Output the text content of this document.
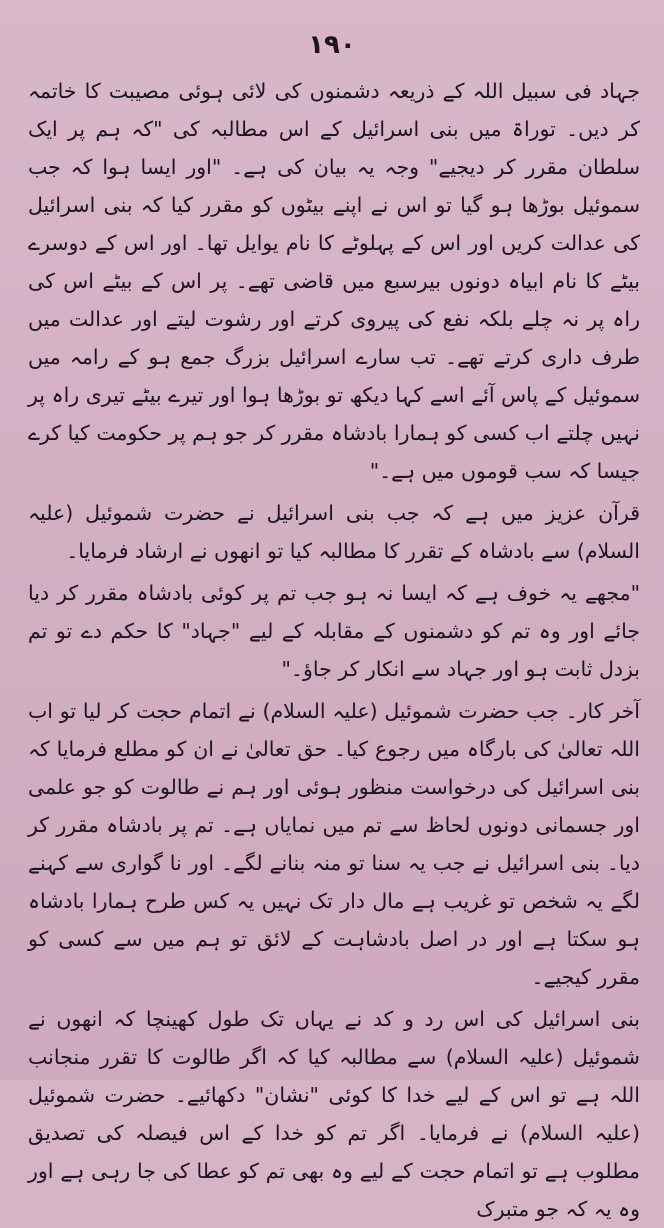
۱۹۰

جہاد فی سبیل اللہ کے ذریعہ دشمنوں کی لائی ہوئی مصیبت کا خاتمہ کر دیں۔ توراۃ میں بنی اسرائیل کے اس مطالبہ کی "کہ ہم پر ایک سلطان مقرر کر دیجیے" وجہ یہ بیان کی ہے۔ "اور ایسا ہوا کہ جب سموئیل بوڑھا ہو گیا تو اس نے اپنے بیٹوں کو مقرر کیا کہ بنی اسرائیل کی عدالت کریں اور اس کے پہلوٹے کا نام یوایل تھا۔ اور اس کے دوسرے بیٹے کا نام ابیاہ دونوں بیرسبع میں قاضی تھے۔ پر اس کے بیٹے اس کی راہ پر نہ چلے بلکہ نفع کی پیروی کرتے اور رشوت لیتے اور عدالت میں طرف داری کرتے تھے۔ تب سارے اسرائیل بزرگ جمع ہو کے رامہ میں سموئیل کے پاس آئے اسے کہا دیکھ تو بوڑھا ہوا اور تیرے بیٹے تیری راہ پر نہیں چلتے اب کسی کو ہمارا بادشاہ مقرر کر جو ہم پر حکومت کیا کرے جیسا کہ سب قوموں میں ہے۔"

قرآن عزیز میں ہے کہ جب بنی اسرائیل نے حضرت شموئیل (علیہ السلام) سے بادشاہ کے تقرر کا مطالبہ کیا تو انھوں نے ارشاد فرمایا۔

"مجھے یہ خوف ہے کہ ایسا نہ ہو جب تم پر کوئی بادشاہ مقرر کر دیا جائے اور وہ تم کو دشمنوں کے مقابلہ کے لیے "جہاد" کا حکم دے تو تم بزدل ثابت ہو اور جہاد سے انکار کر جاؤ۔"

آخر کار۔ جب حضرت شموئیل (علیہ السلام) نے اتمام حجت کر لیا تو اب اللہ تعالیٰ کی بارگاہ میں رجوع کیا۔ حق تعالیٰ نے ان کو مطلع فرمایا کہ بنی اسرائیل کی درخواست منظور ہوئی اور ہم نے طالوت کو جو علمی اور جسمانی دونوں لحاظ سے تم میں نمایاں ہے۔ تم پر بادشاہ مقرر کر دیا۔ بنی اسرائیل نے جب یہ سنا تو منہ بنانے لگے۔ اور نا گواری سے کہنے لگے یہ شخص تو غریب ہے مال دار تک نہیں یہ کس طرح ہمارا بادشاہ ہو سکتا ہے اور در اصل بادشاہت کے لائق تو ہم میں سے کسی کو مقرر کیجیے۔

بنی اسرائیل کی اس رد و کد نے یہاں تک طول کھینچا کہ انھوں نے شموئیل (علیہ السلام) سے مطالبہ کیا کہ اگر طالوت کا تقرر منجانب اللہ ہے تو اس کے لیے خدا کا کوئی "نشان" دکھائیے۔ حضرت شموئیل (علیہ السلام) نے فرمایا۔ اگر تم کو خدا کے اس فیصلہ کی تصدیق مطلوب ہے تو اتمام حجت کے لیے وہ بھی تم کو عطا کی جا رہی ہے اور وہ یہ کہ جو متبرک
